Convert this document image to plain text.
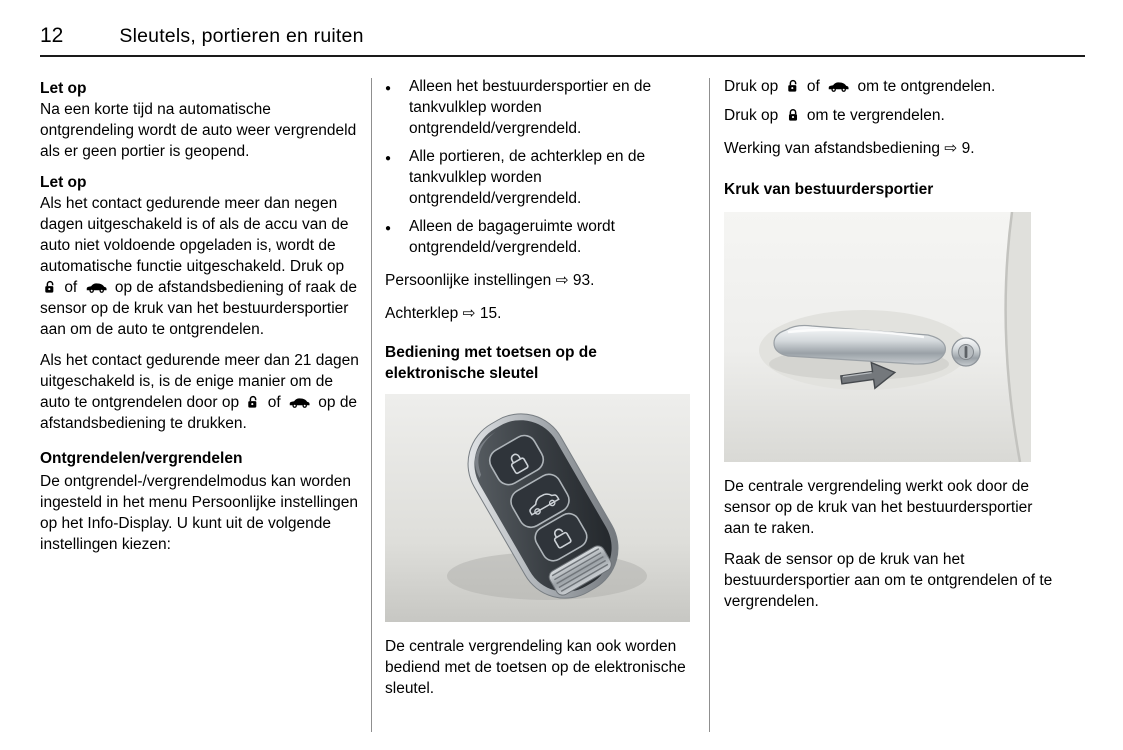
12	Sleutels, portieren en ruiten

Let op

Na een korte tijd na automatische ontgrendeling wordt de auto weer vergrendeld als er geen portier is geopend.

Let op

Als het contact gedurende meer dan negen dagen uitgeschakeld is of als de accu van de auto niet voldoende opgeladen is, wordt de automatische functie uitgeschakeld. Druk op
of op de afstandsbediening of raak de sensor op de kruk van het bestuurdersportier aan om de auto te ontgrendelen.

Als het contact gedurende meer dan 21 dagen uitgeschakeld is, is de enige manier om de auto te ontgrendelen door op of op de afstandsbediening te drukken.

Ontgrendelen/vergrendelen

De ontgrendel-/vergrendelmodus kan worden ingesteld in het menu Persoonlijke instellingen op het Info-Display. U kunt uit de volgende instellingen kiezen:

●
Alleen het bestuurdersportier en de tankvulklep worden ontgrendeld/vergrendeld.
●
Alle portieren, de achterklep en de tankvulklep worden ontgrendeld/vergrendeld.
●
Alleen de bagageruimte wordt ontgrendeld/vergrendeld.

Persoonlijke instellingen ⇨ 93.

Achterklep ⇨ 15.

Bediening met toetsen op de elektronische sleutel

De centrale vergrendeling kan ook worden bediend met de toetsen op de elektronische sleutel.

Druk op of om te ontgrendelen.

Druk op om te vergrendelen.

Werking van afstandsbediening ⇨ 9.

Kruk van bestuurdersportier

De centrale vergrendeling werkt ook door de sensor op de kruk van het bestuurdersportier aan te raken.

Raak de sensor op de kruk van het bestuurdersportier aan om te ontgrendelen of te vergrendelen.
